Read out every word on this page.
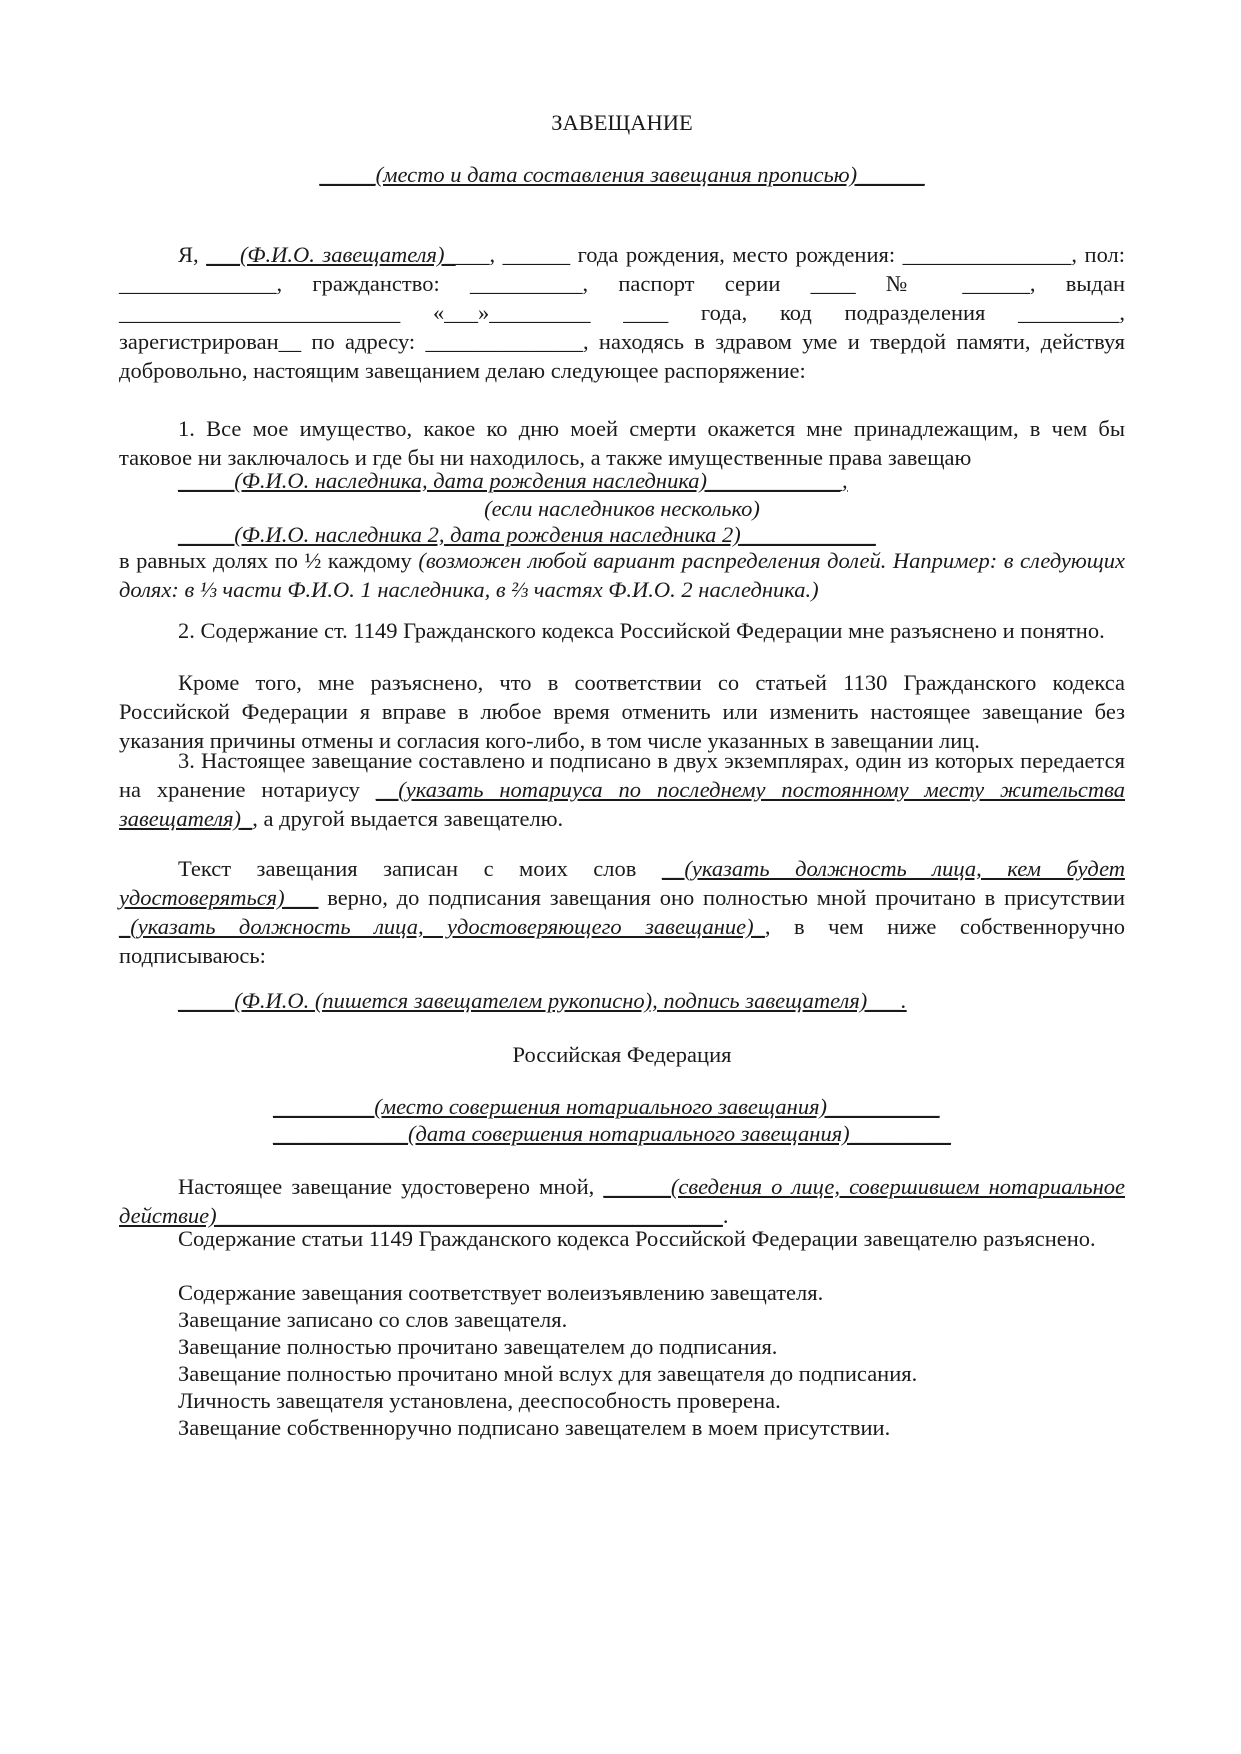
ЗАВЕЩАНИЕ
_____(место и дата составления завещания прописью)______

Я, ___(Ф.И.О. завещателя)____, ______ года рождения, место рождения: _______________, пол: ______________, гражданство: __________, паспорт серии ____ № ______, выдан _________________________ «___»_________ ____ года, код подразделения _________, зарегистрирован__ по адресу: ______________, находясь в здравом уме и твердой памяти, действуя добровольно, настоящим завещанием делаю следующее распоряжение:

1. Все мое имущество, какое ко дню моей смерти окажется мне принадлежащим, в чем бы таковое ни заключалось и где бы ни находилось, а также имущественные права завещаю

_____(Ф.И.О. наследника, дата рождения наследника)____________,
(если наследников несколько)
_____(Ф.И.О. наследника 2, дата рождения наследника 2)____________

в равных долях по ½ каждому (возможен любой вариант распределения долей. Например: в следующих долях: в ⅓ части Ф.И.О. 1 наследника, в ⅔ частях Ф.И.О. 2 наследника.)

2. Содержание ст. 1149 Гражданского кодекса Российской Федерации мне разъяснено и понятно.

Кроме того, мне разъяснено, что в соответствии со статьей 1130 Гражданского кодекса Российской Федерации я вправе в любое время отменить или изменить настоящее завещание без указания причины отмены и согласия кого-либо, в том числе указанных в завещании лиц.

3. Настоящее завещание составлено и подписано в двух экземплярах, один из которых передается на хранение нотариусу __(указать нотариуса по последнему постоянному месту жительства завещателя)_, а другой выдается завещателю.

Текст завещания записан с моих слов __(указать должность лица, кем будет удостоверяться)___ верно, до подписания завещания оно полностью мной прочитано в присутствии _(указать должность лица, удостоверяющего завещание)_, в чем ниже собственноручно подписываюсь:

_____(Ф.И.О. (пишется завещателем рукописно), подпись завещателя)___.
Российская Федерация
_________(место совершения нотариального завещания)__________
____________(дата совершения нотариального завещания)_________

Настоящее завещание удостоверено мной, ______(сведения о лице, совершившем нотариальное действие)_____________________________________________.

Содержание статьи 1149 Гражданского кодекса Российской Федерации завещателю разъяснено.

Содержание завещания соответствует волеизъявлению завещателя.

Завещание записано со слов завещателя.

Завещание полностью прочитано завещателем до подписания.

Завещание полностью прочитано мной вслух для завещателя до подписания.

Личность завещателя установлена, дееспособность проверена.

Завещание собственноручно подписано завещателем в моем присутствии.
